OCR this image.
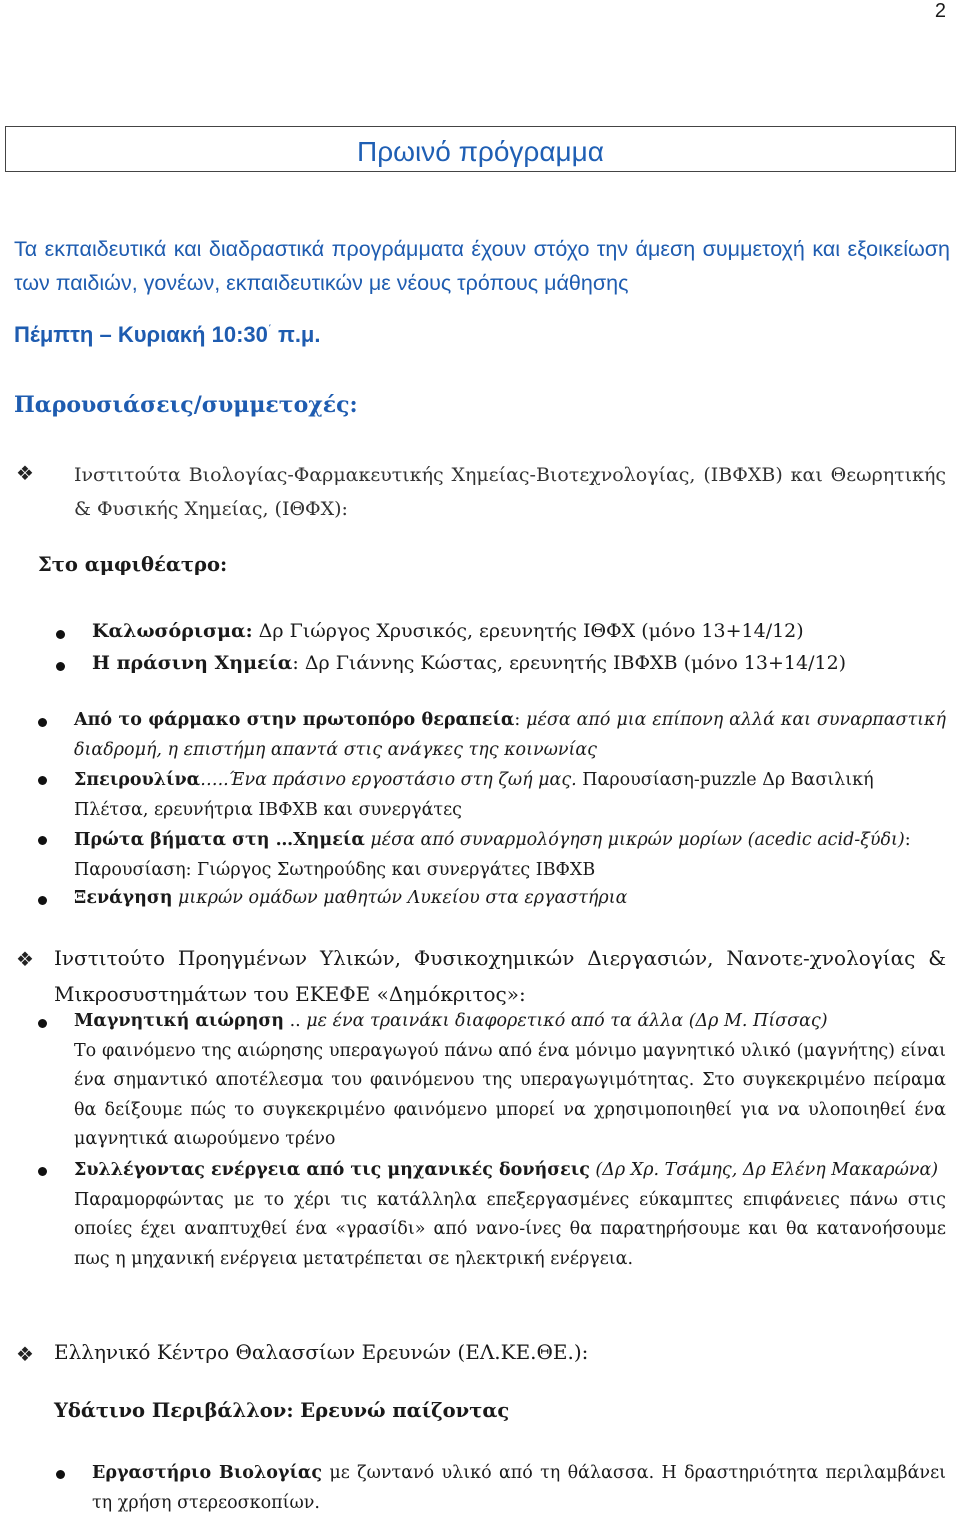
2
Πρωινό πρόγραμμα
Τα εκπαιδευτικά και διαδραστικά προγράμματα έχουν στόχο την άμεση συμμετοχή και εξοικείωση των παιδιών, γονέων, εκπαιδευτικών με νέους τρόπους μάθησης
Πέμπτη – Κυριακή 10:30΄ π.μ.
Παρουσιάσεις/συμμετοχές:
❖ Ινστιτούτα Βιολογίας-Φαρμακευτικής Χημείας-Βιοτεχνολογίας, (ΙΒΦΧΒ) και Θεωρητικής & Φυσικής Χημείας, (ΙΘΦΧ):
Στο αμφιθέατρο:
Καλωσόρισμα: Δρ Γιώργος Χρυσικός, ερευνητής ΙΘΦΧ (μόνο 13+14/12)
Η πράσινη Χημεία: Δρ Γιάννης Κώστας, ερευνητής ΙΒΦΧΒ (μόνο 13+14/12)
Από το φάρμακο στην πρωτοπόρο θεραπεία: μέσα από μια επίπονη αλλά και συναρπαστική διαδρομή, η επιστήμη απαντά στις ανάγκες της κοινωνίας
Σπειρουλίνα…..Ένα πράσινο εργοστάσιο στη ζωή μας. Παρουσίαση-puzzle Δρ Βασιλική Πλέτσα, ερευνήτρια ΙΒΦΧΒ και συνεργάτες
Πρώτα βήματα στη …Χημεία μέσα από συναρμολόγηση μικρών μορίων (acedic acid-ξύδι): Παρουσίαση: Γιώργος Σωτηρούδης και συνεργάτες ΙΒΦΧΒ
Ξενάγηση μικρών ομάδων μαθητών Λυκείου στα εργαστήρια
❖ Ινστιτούτο Προηγμένων Υλικών, Φυσικοχημικών Διεργασιών, Νανοτε-χνολογίας & Μικροσυστημάτων του ΕΚΕΦΕ «Δημόκριτος»:
Μαγνητική αιώρηση .. με ένα τραινάκι διαφορετικό από τα άλλα (Δρ Μ. Πίσσας)
Το φαινόμενο της αιώρησης υπεραγωγού πάνω από ένα μόνιμο μαγνητικό υλικό (μαγνήτης) είναι ένα σημαντικό αποτέλεσμα του φαινόμενου της υπεραγωγιμότητας. Στο συγκεκριμένο πείραμα θα δείξουμε πώς το συγκεκριμένο φαινόμενο μπορεί να χρησιμοποιηθεί για να υλοποιηθεί ένα μαγνητικά αιωρούμενο τρένο
Συλλέγοντας ενέργεια από τις μηχανικές δονήσεις (Δρ Χρ. Τσάμης, Δρ Ελένη Μακαρώνα)
Παραμορφώντας με το χέρι τις κατάλληλα επεξεργασμένες εύκαμπτες επιφάνειες πάνω στις οποίες έχει αναπτυχθεί ένα «γρασίδι» από νανο-ίνες θα παρατηρήσουμε και θα κατανοήσουμε πως η μηχανική ενέργεια μετατρέπεται σε ηλεκτρική ενέργεια.
❖ Ελληνικό Κέντρο Θαλασσίων Ερευνών (ΕΛ.ΚΕ.ΘΕ.):
Υδάτινο Περιβάλλον: Ερευνώ παίζοντας
Εργαστήριο Βιολογίας με ζωντανό υλικό από τη θάλασσα. Η δραστηριότητα περιλαμβάνει τη χρήση στερεοσκοπίων.
